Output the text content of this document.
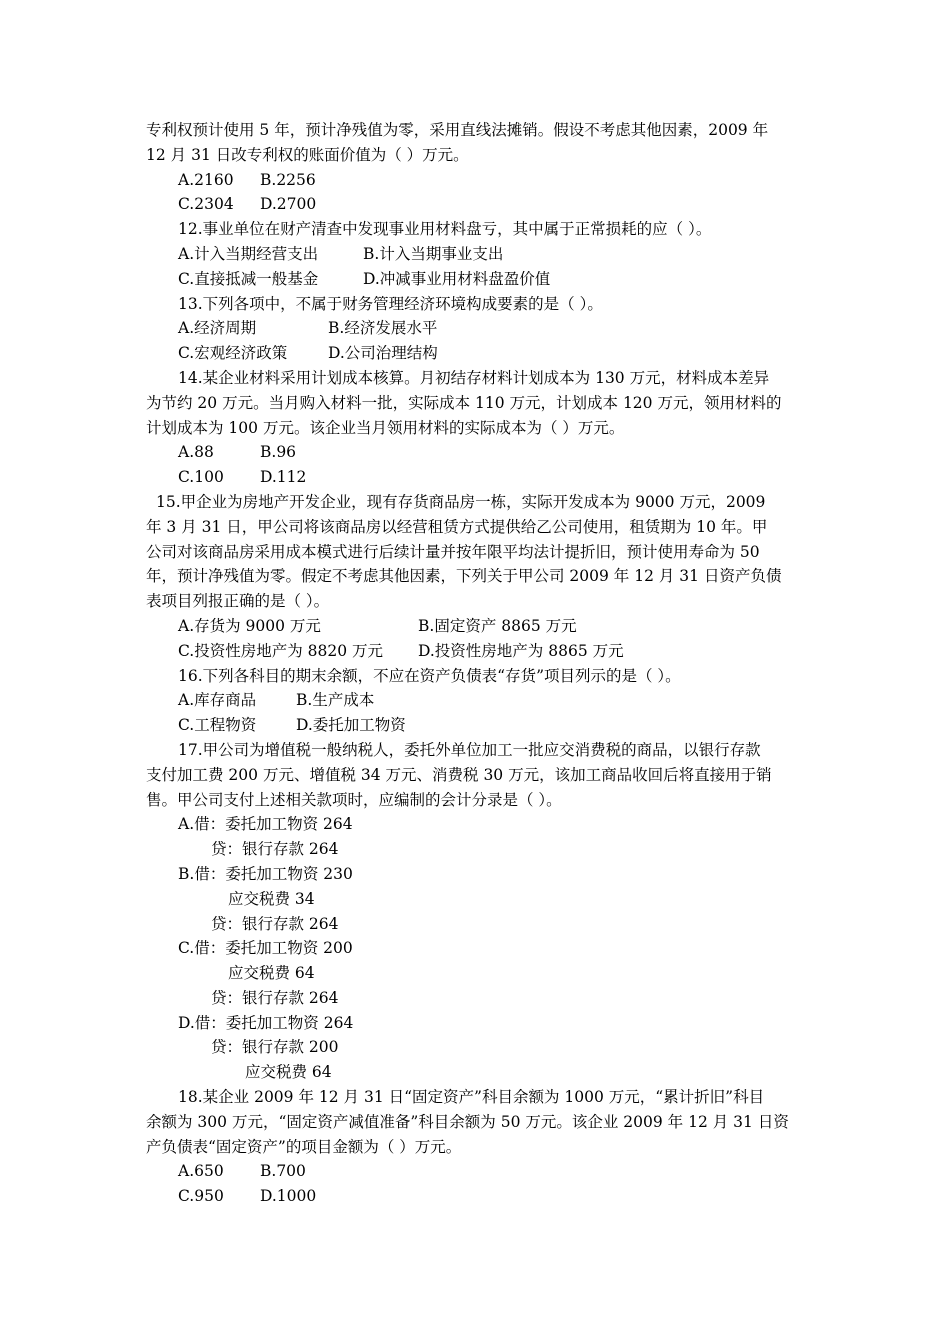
专利权预计使用 5 年，预计净残值为零，采用直线法摊销。假设不考虑其他因素，2009 年

12 月 31 日改专利权的账面价值为（ ）万元。

A.2160 B.2256

C.2304 D.2700

12.事业单位在财产清查中发现事业用材料盘亏，其中属于正常损耗的应（ ）。

A.计入当期经营支出	B.计入当期事业支出

C.直接抵减一般基金	D.冲减事业用材料盘盈价值

13.下列各项中，不属于财务管理经济环境构成要素的是（ ）。

A.经济周期	B.经济发展水平

C.宏观经济政策	D.公司治理结构

14.某企业材料采用计划成本核算。月初结存材料计划成本为 130 万元，材料成本差异

为节约 20 万元。当月购入材料一批，实际成本 110 万元，计划成本 120 万元，领用材料的

计划成本为 100 万元。该企业当月领用材料的实际成本为（ ）万元。

A.88	B.96

C.100 D.112

15.甲企业为房地产开发企业，现有存货商品房一栋，实际开发成本为 9000 万元，2009

年 3 月 31 日，甲公司将该商品房以经营租赁方式提供给乙公司使用，租赁期为 10 年。甲

公司对该商品房采用成本模式进行后续计量并按年限平均法计提折旧，预计使用寿命为 50

年，预计净残值为零。假定不考虑其他因素，下列关于甲公司 2009 年 12 月 31 日资产负债

表项目列报正确的是（ ）。

A.存货为 9000 万元	B.固定资产 8865 万元

C.投资性房地产为 8820 万元 D.投资性房地产为 8865 万元

16.下列各科目的期末余额，不应在资产负债表“存货”项目列示的是（ ）。

A.库存商品	B.生产成本

C.工程物资	D.委托加工物资

17.甲公司为增值税一般纳税人，委托外单位加工一批应交消费税的商品，以银行存款

支付加工费 200 万元、增值税 34 万元、消费税 30 万元，该加工商品收回后将直接用于销

售。甲公司支付上述相关款项时，应编制的会计分录是（ ）。

A.借：委托加工物资 264

贷：银行存款 264

B.借：委托加工物资 230

应交税费 34

贷：银行存款 264

C.借：委托加工物资 200

应交税费 64

贷：银行存款 264

D.借：委托加工物资 264

贷：银行存款 200

应交税费 64

18.某企业 2009 年 12 月 31 日“固定资产”科目余额为 1000 万元，“累计折旧”科目

余额为 300 万元，“固定资产减值准备”科目余额为 50 万元。该企业 2009 年 12 月 31 日资

产负债表“固定资产”的项目金额为（ ）万元。

A.650 B.700

C.950 D.1000
